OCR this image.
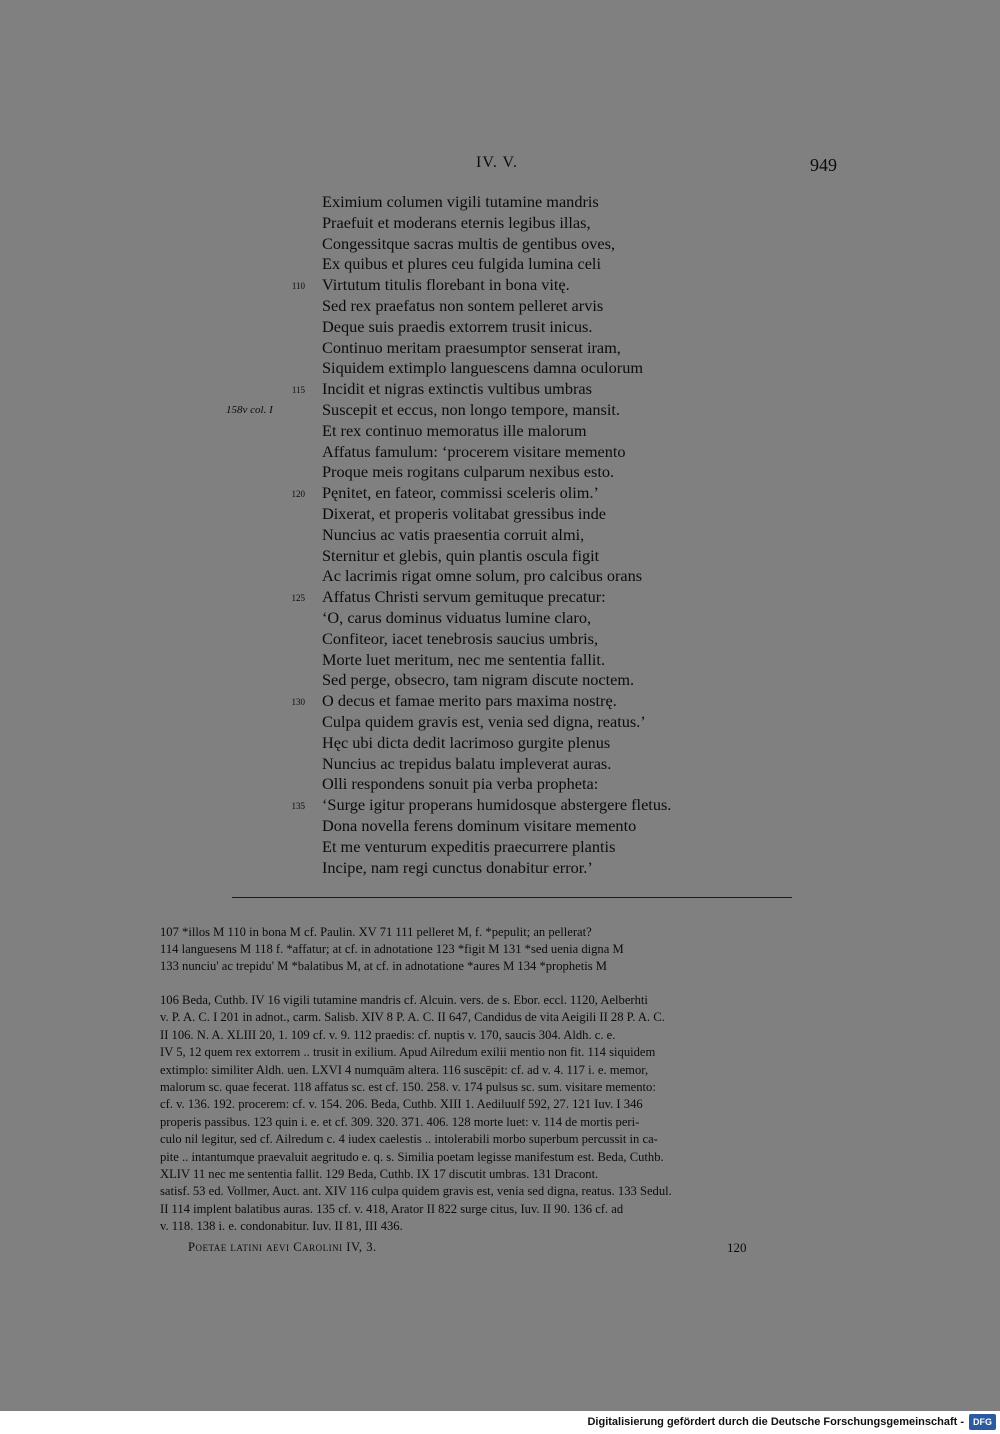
IV. V.	949
Eximium columen vigili tutamine mandris
Praefuit et moderans eternis legibus illas,
Congessitque sacras multis de gentibus oves,
Ex quibus et plures ceu fulgida lumina celi
110 Virtutum titulis florebant in bona vitę.
Sed rex praefatus non sontem pelleret arvis
Deque suis praedis extorrem trusit inicus.
Continuo meritam praesumptor senserat iram,
Siquidem extimplo languescens damna oculorum
115 Incidit et nigras extinctis vultibus umbras
158v col. I	Suscepit et eccus, non longo tempore, mansit.
Et rex continuo memoratus ille malorum
Affatus famulum: ‘procerem visitare memento
Proque meis rogitans culparum nexibus esto.
120 Pęnitet, en fateor, commissi sceleris olim.’
Dixerat, et properis volitabat gressibus inde
Nuncius ac vatis praesentia corruit almi,
Sternitur et glebis, quin plantis oscula figit
Ac lacrimis rigat omne solum, pro calcibus orans
125 Affatus Christi servum gemituque precatur:
‘O, carus dominus viduatus lumine claro,
Confiteor, iacet tenebrosis saucius umbris,
Morte luet meritum, nec me sententia fallit.
Sed perge, obsecro, tam nigram discute noctem.
130 O decus et famae merito pars maxima nostrę.
Culpa quidem gravis est, venia sed digna, reatus.’
Hęc ubi dicta dedit lacrimoso gurgite plenus
Nuncius ac trepidus balatu impleverat auras.
Olli respondens sonuit pia verba propheta:
135 ‘Surge igitur properans humidosque abstergere fletus.
Dona novella ferens dominum visitare memento
Et me venturum expeditis praecurrere plantis
Incipe, nam regi cunctus donabitur error.’
107 *illos M 110 in bona M cf. Paulin. XV 71 111 pelleret M, f. *pepulit; an pellerat?
114 languesens M 118 f. *affatur; at cf. in adnotatione 123 *figit M 131 *sed uenia digna M
133 nunciu' ac trepidu' M *balatibus M, at cf. in adnotatione *aures M 134 *prophetis M
106 Beda, Cuthb. IV 16 vigili tutamine mandris cf. Alcuin. vers. de s. Ebor. eccl. 1120, Aelberhti
v. P. A. C. I 201 in adnot., carm. Salisb. XIV 8 P. A. C. II 647, Candidus de vita Aeigili II 28 P. A. C.
II 106. N. A. XLIII 20, 1. 109 cf. v. 9. 112 praedis: cf. nuptis v. 170, saucis 304. Aldh. c. e.
IV 5, 12 quem rex extorrem .. trusit in exilium. Apud Ailredum exilii mentio non fit. 114 siquidem
extimplo: similiter Aldh. uen. LXVI 4 numquām altera. 116 suscēpit: cf. ad v. 4. 117 i. e. memor,
malorum sc. quae fecerat. 118 affatus sc. est cf. 150. 258. v. 174 pulsus sc. sum. visitare memento:
cf. v. 136. 192. procerem: cf. v. 154. 206. Beda, Cuthb. XIII 1. Aediluulf 592, 27. 121 Iuv. I 346
properis passibus. 123 quin i. e. et cf. 309. 320. 371. 406. 128 morte luet: v. 114 de mortis peri-
culo nil legitur, sed cf. Ailredum c. 4 iudex caelestis .. intolerabili morbo superbum percussit in ca-
pite .. intantumque praevaluit aegritudo e. q. s. Similia poetam legisse manifestum est. Beda, Cuthb.
XLIV 11 nec me sententia fallit. 129 Beda, Cuthb. IX 17 discutit umbras. 131 Dracont.
satisf. 53 ed. Vollmer, Auct. ant. XIV 116 culpa quidem gravis est, venia sed digna, reatus. 133 Sedul.
II 114 implent balatibus auras. 135 cf. v. 418, Arator II 822 surge citus, Iuv. II 90. 136 cf. ad
v. 118. 138 i. e. condonabitur. Iuv. II 81, III 436.
Poetae latini aevi Carolini IV, 3.	120
Digitalisierung gefördert durch die Deutsche Forschungsgemeinschaft -	DFG
